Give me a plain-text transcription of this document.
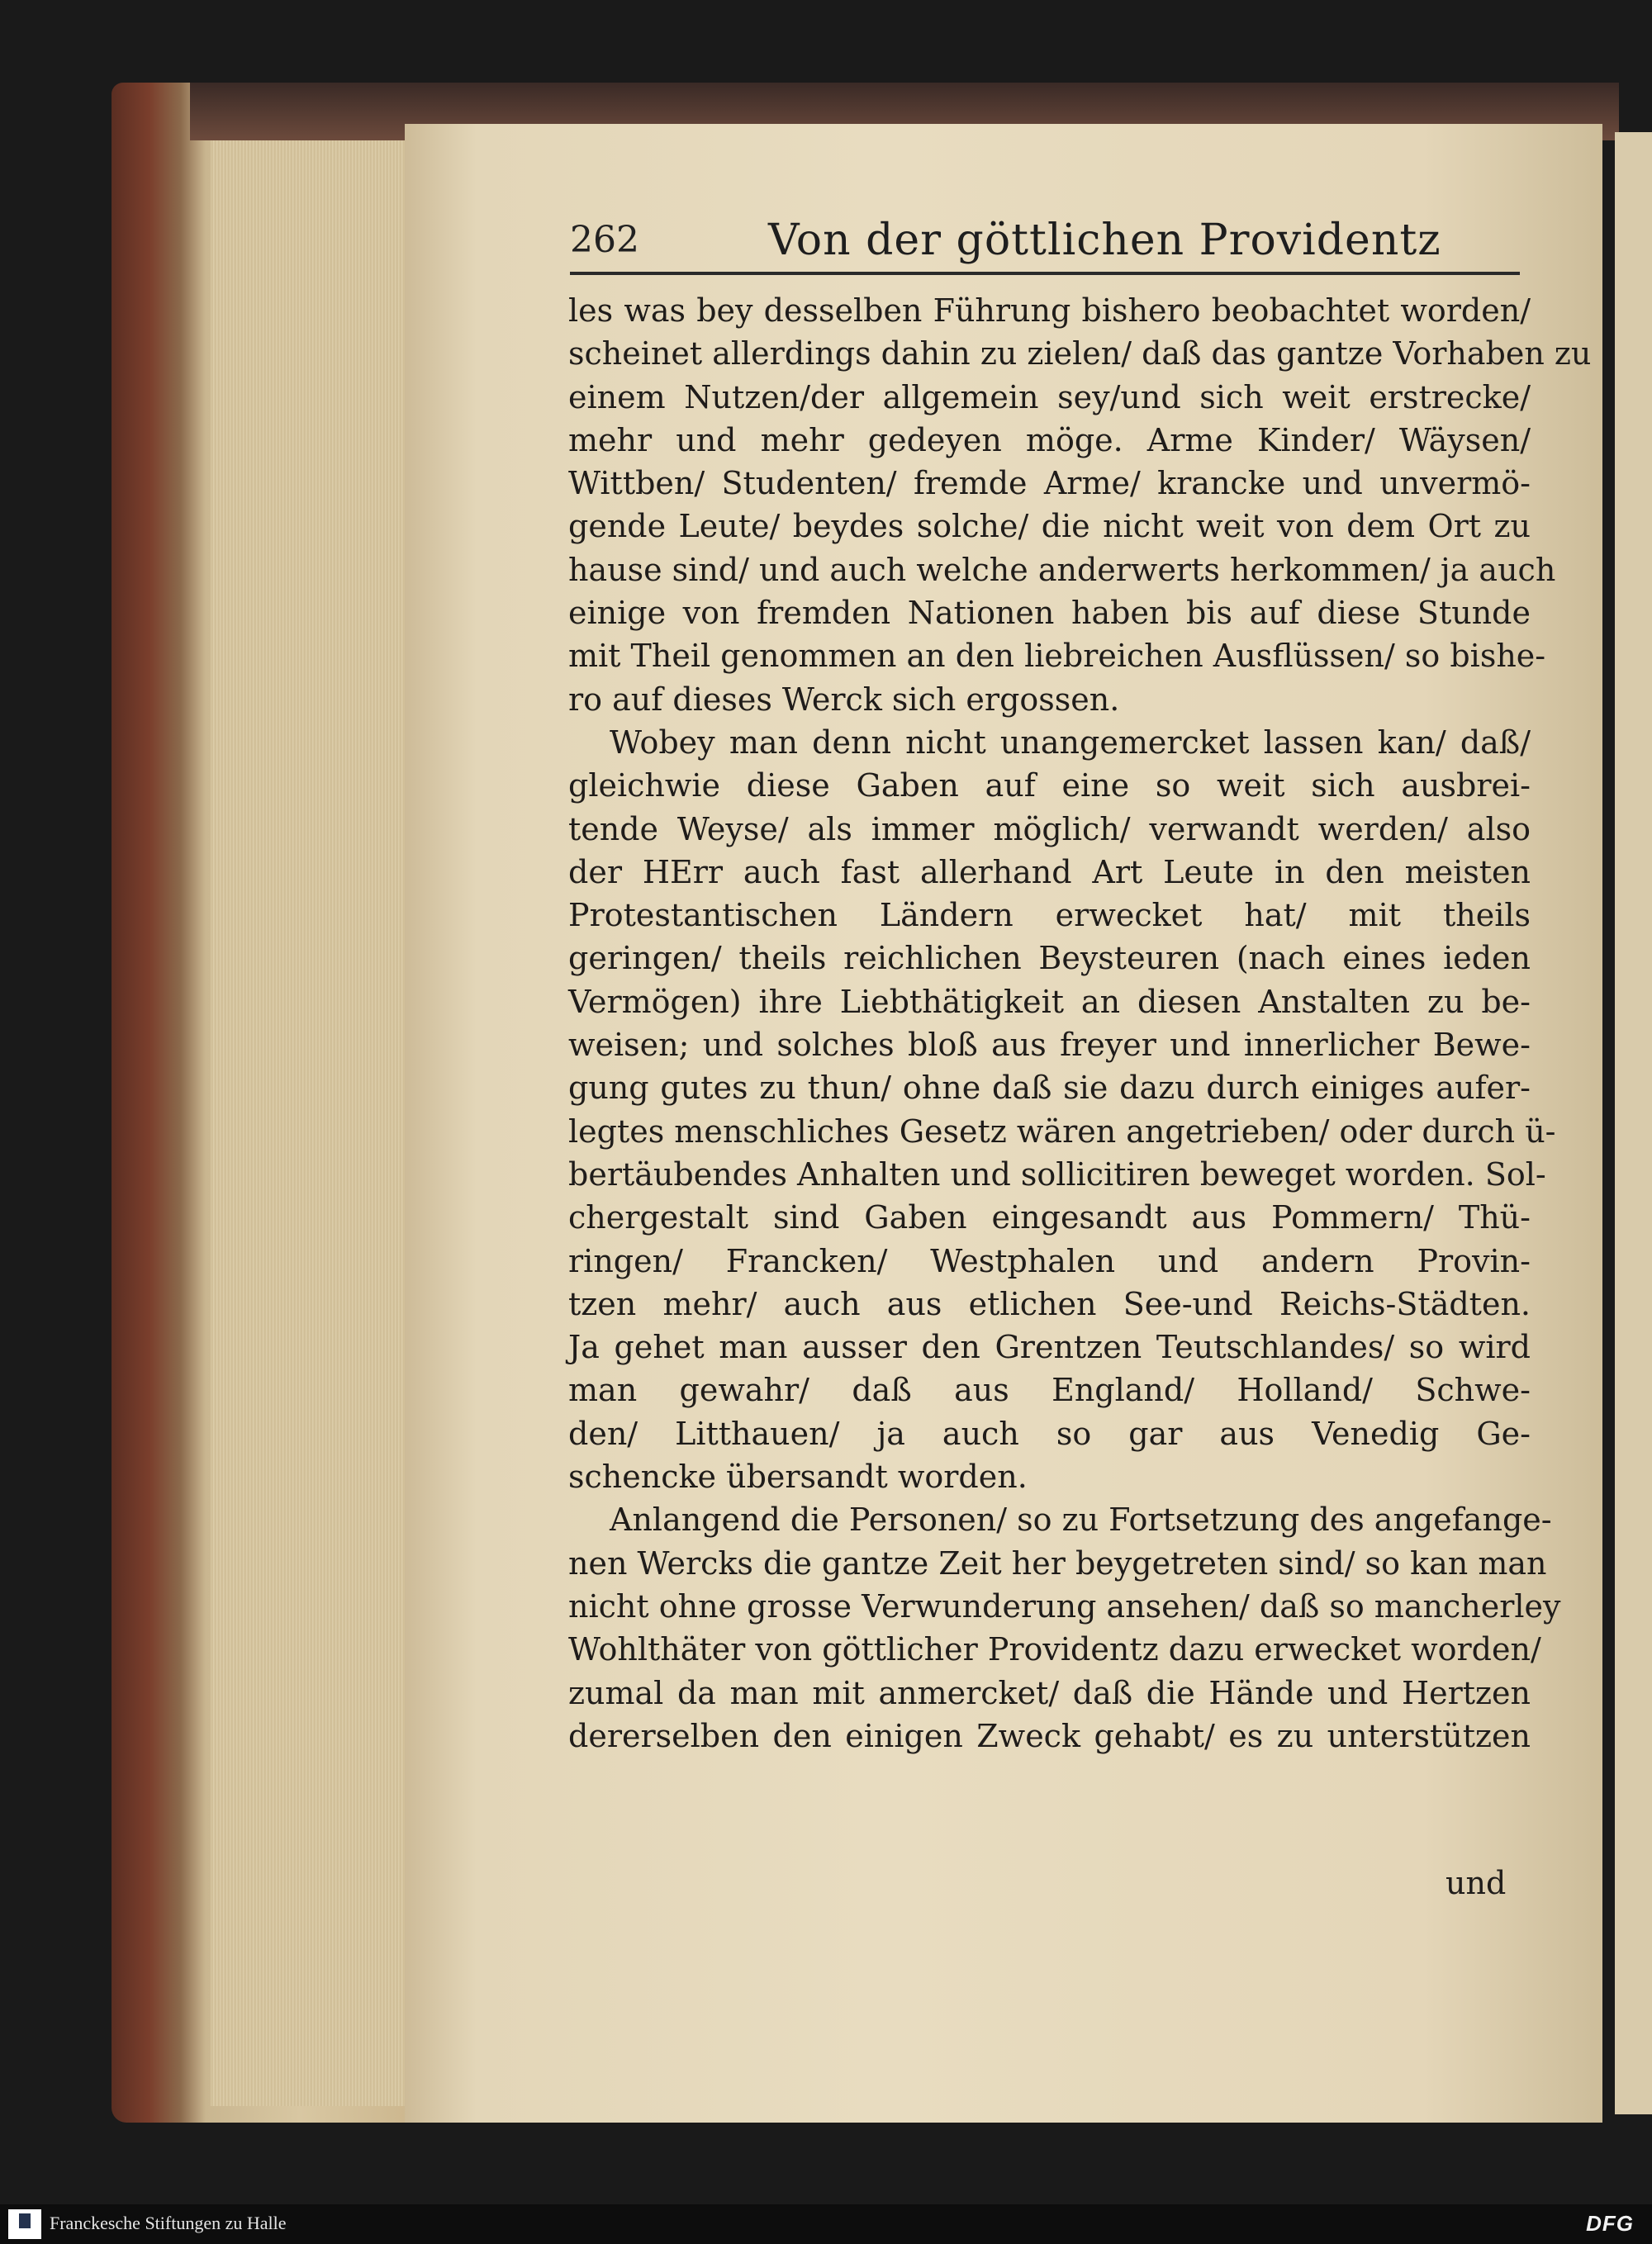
262	Von der göttlichen Providentz
les was bey desselben Führung bishero beobachtet worden/
scheinet allerdings dahin zu zielen/ daß das gantze Vorhaben zu
einem Nutzen/der allgemein sey/und sich weit erstrecke/
mehr und mehr gedeyen möge. Arme Kinder/ Wäysen/
Wittben/ Studenten/ fremde Arme/ krancke und unvermö-
gende Leute/ beydes solche/ die nicht weit von dem Ort zu
hause sind/ und auch welche anderwerts herkommen/ ja auch
einige von fremden Nationen haben bis auf diese Stunde
mit Theil genommen an den liebreichen Ausflüssen/ so bishe-
ro auf dieses Werck sich ergossen.
Wobey man denn nicht unangemercket lassen kan/ daß/
gleichwie diese Gaben auf eine so weit sich ausbrei-
tende Weyse/ als immer möglich/ verwandt werden/ also
der HErr auch fast allerhand Art Leute in den meisten
Protestantischen Ländern erwecket hat/ mit theils
geringen/ theils reichlichen Beysteuren (nach eines ieden
Vermögen) ihre Liebthätigkeit an diesen Anstalten zu be-
weisen; und solches bloß aus freyer und innerlicher Bewe-
gung gutes zu thun/ ohne daß sie dazu durch einiges aufer-
legtes menschliches Gesetz wären angetrieben/ oder durch ü-
bertäubendes Anhalten und sollicitiren beweget worden. Sol-
chergestalt sind Gaben eingesandt aus Pommern/ Thü-
ringen/ Francken/ Westphalen und andern Provin-
tzen mehr/ auch aus etlichen See-und Reichs-Städten.
Ja gehet man ausser den Grentzen Teutschlandes/ so wird
man gewahr/ daß aus England/ Holland/ Schwe-
den/ Litthauen/ ja auch so gar aus Venedig Ge-
schencke übersandt worden.
Anlangend die Personen/ so zu Fortsetzung des angefange-
nen Wercks die gantze Zeit her beygetreten sind/ so kan man
nicht ohne grosse Verwunderung ansehen/ daß so mancherley
Wohlthäter von göttlicher Providentz dazu erwecket worden/
zumal da man mit anmercket/ daß die Hände und Hertzen
dererselben den einigen Zweck gehabt/ es zu unterstützen
und
Franckesche Stiftungen zu Halle	DFG
